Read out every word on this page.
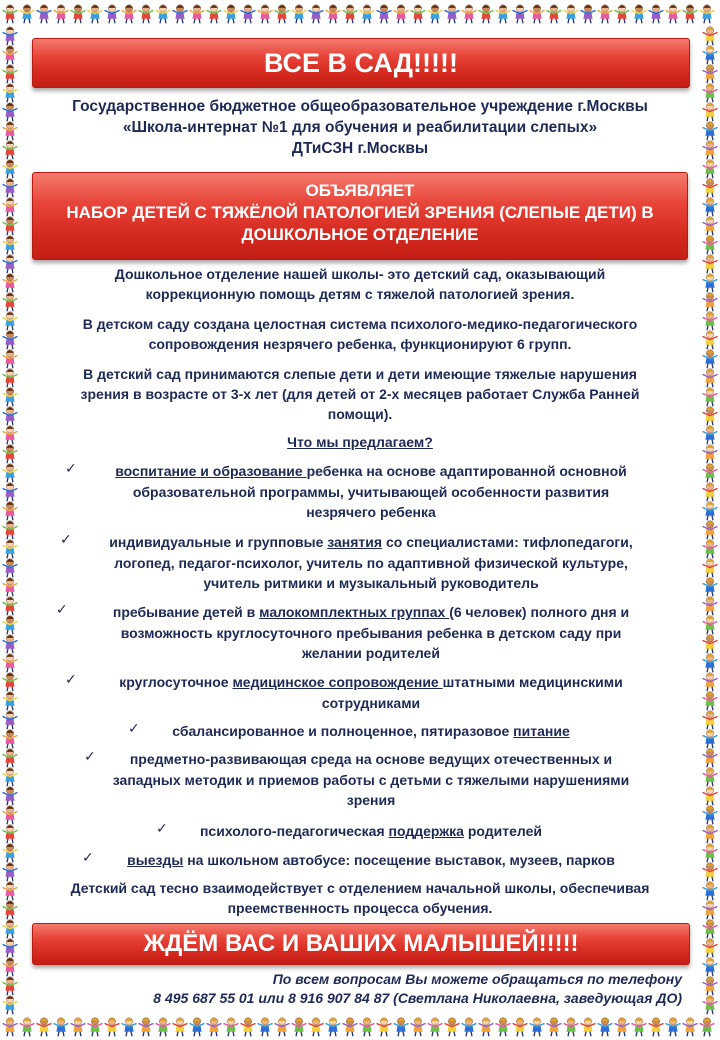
ВСЕ В САД!!!!!
Государственное бюджетное общеобразовательное учреждение г.Москвы
«Школа-интернат №1 для обучения и реабилитации слепых»
ДТиСЗН г.Москвы
ОБЪЯВЛЯЕТ
НАБОР ДЕТЕЙ С ТЯЖЁЛОЙ ПАТОЛОГИЕЙ ЗРЕНИЯ (СЛЕПЫЕ ДЕТИ) В
ДОШКОЛЬНОЕ ОТДЕЛЕНИЕ
Дошкольное отделение нашей школы- это детский сад, оказывающий
коррекционную помощь детям с тяжелой патологией зрения.
В детском саду создана целостная система психолого-медико-педагогического
сопровождения незрячего ребенка, функционируют 6 групп.
В детский сад принимаются слепые дети и дети имеющие тяжелые нарушения
зрения в возрасте от 3-х лет (для детей от 2-х месяцев работает Служба Ранней
помощи).
Что мы предлагаем?
✓	воспитание и образование ребенка на основе адаптированной основной
образовательной программы, учитывающей особенности развития
незрячего ребенка
✓	индивидуальные и групповые занятия со специалистами: тифлопедагоги,
логопед, педагог-психолог, учитель по адаптивной физической культуре,
учитель ритмики и музыкальный руководитель
✓	пребывание детей в малокомплектных группах (6 человек) полного дня и
возможность круглосуточного пребывания ребенка в детском саду при
желании родителей
✓	круглосуточное медицинское сопровождение штатными медицинскими
сотрудниками
✓	сбалансированное и полноценное, пятиразовое питание
✓	предметно-развивающая среда на основе ведущих отечественных и
западных методик и приемов работы с детьми с тяжелыми нарушениями
зрения
✓	психолого-педагогическая поддержка родителей
✓	выезды на школьном автобусе: посещение выставок, музеев, парков
Детский сад тесно взаимодействует с отделением начальной школы, обеспечивая
преемственность процесса обучения.
ЖДЁМ ВАС И ВАШИХ МАЛЫШЕЙ!!!!!
По всем вопросам Вы можете обращаться по телефону
8 495 687 55 01 или 8 916 907 84 87 (Светлана Николаевна, заведующая ДО)
